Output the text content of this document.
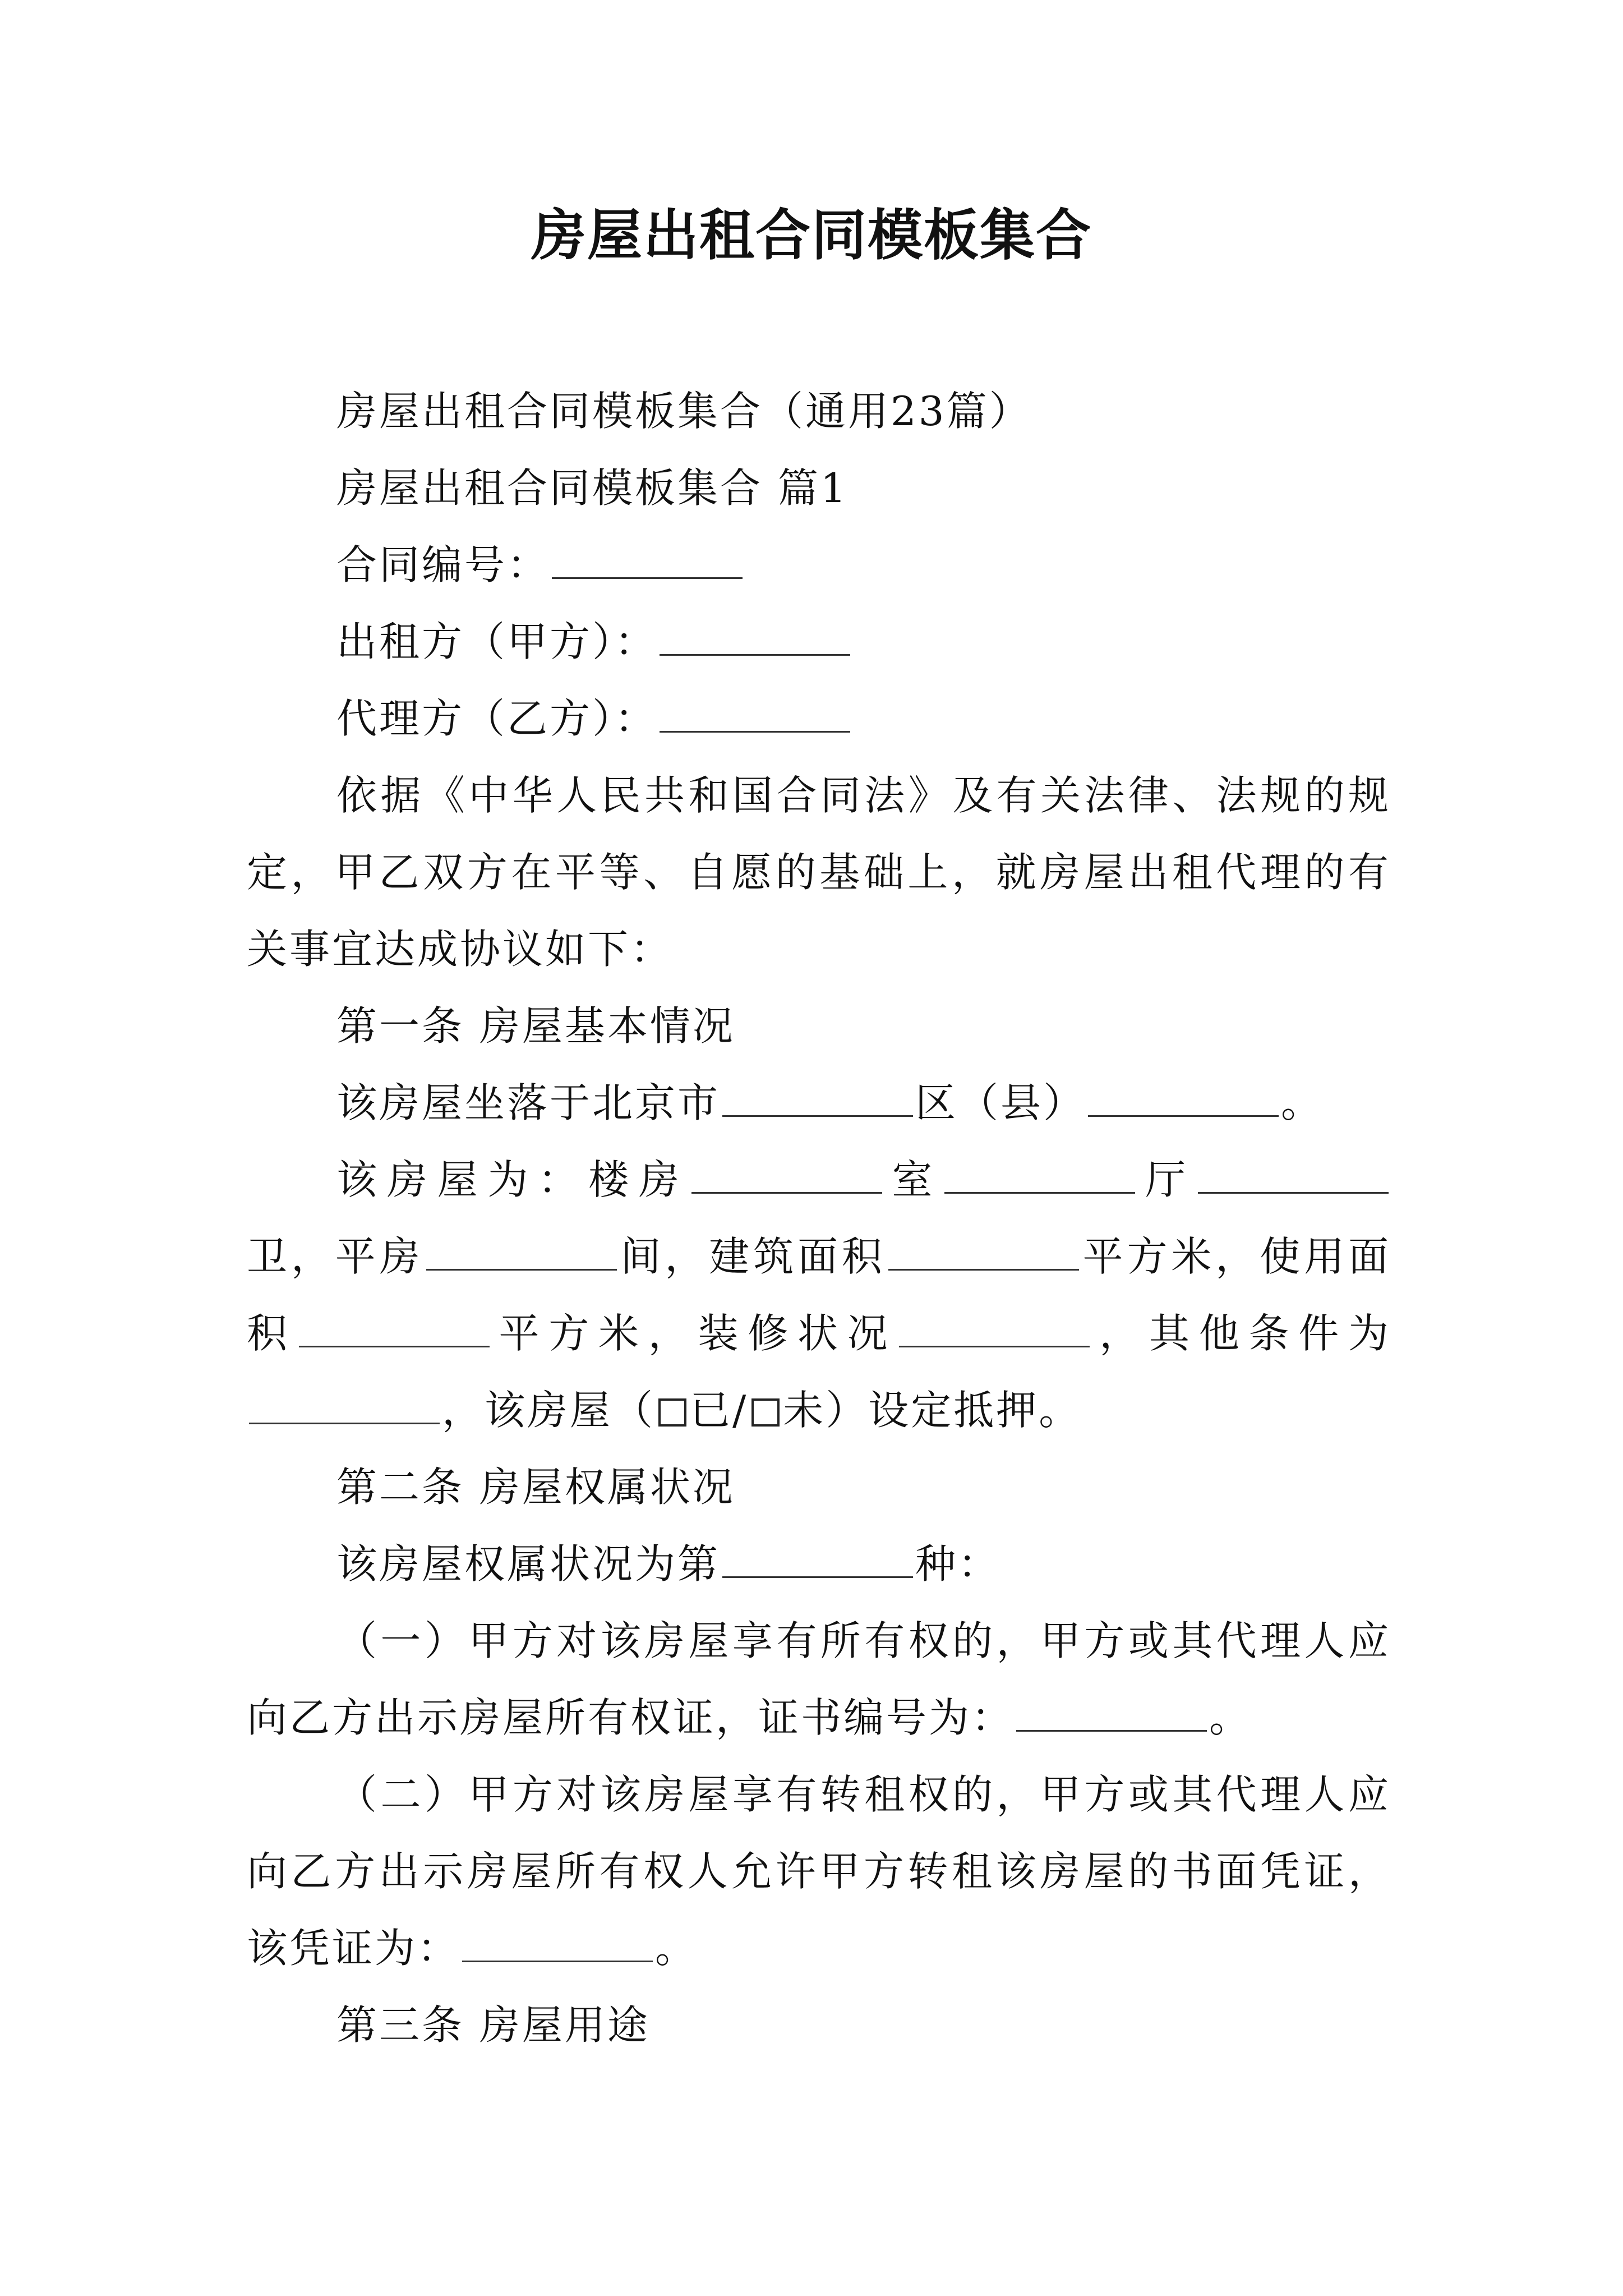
房屋出租合同模板集合

房屋出租合同模板集合（通用23篇）

房屋出租合同模板集合 篇1

合同编号：

出租方（甲方）：

代理方（乙方）：

依据《中华人民共和国合同法》及有关法律、法规的规定，甲乙双方在平等、自愿的基础上，就房屋出租代理的有关事宜达成协议如下：

第一条 房屋基本情况

该房屋坐落于北京市	区（县）	。

该房屋为：楼房	室	厅卫，平房	间，建筑面积	平方米，使用面积	平方米，装修状况	，其他条件为，该房屋（ 已/ 未）设定抵押。

第二条 房屋权属状况

该房屋权属状况为第	种：

（一）甲方对该房屋享有所有权的，甲方或其代理人应向乙方出示房屋所有权证，证书编号为：	。

（二）甲方对该房屋享有转租权的，甲方或其代理人应向乙方出示房屋所有权人允许甲方转租该房屋的书面凭证，该凭证为：	。

第三条 房屋用途
